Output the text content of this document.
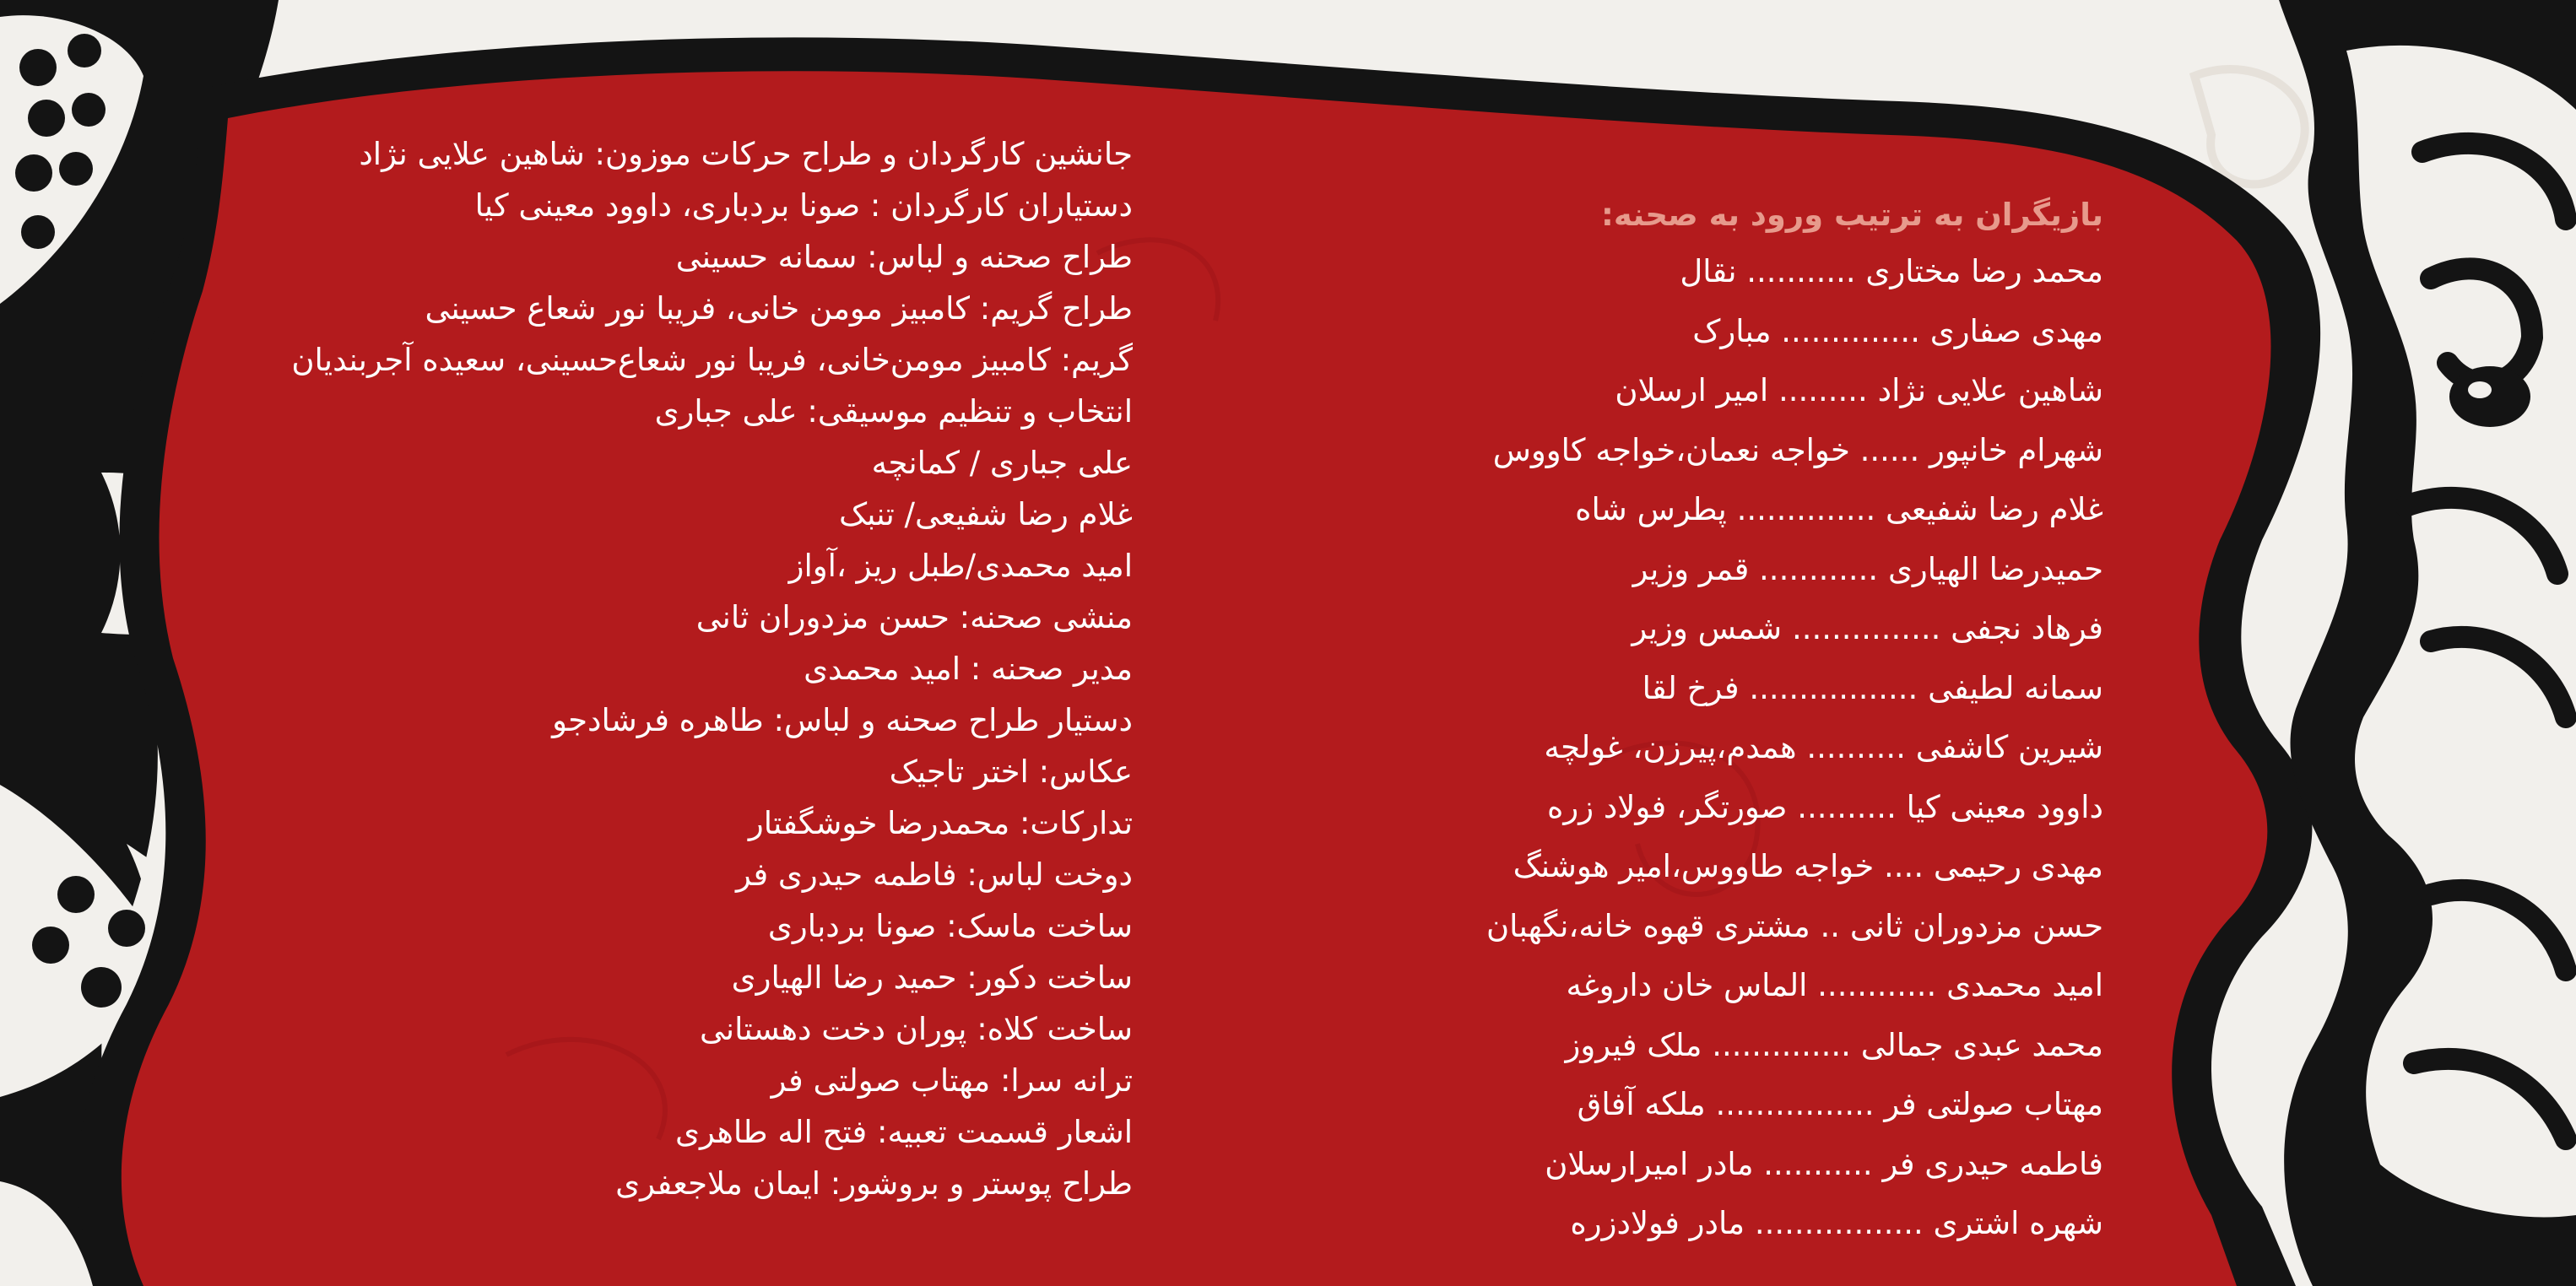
جانشین کارگردان و طراح حرکات موزون: شاهین علایی نژاد
دستیاران کارگردان : صونا بردباری، داوود معینی کیا
طراح صحنه و لباس: سمانه حسینی
طراح گریم: کامبیز مومن خانی، فریبا نور شعاع حسینی
گریم: کامبیز مومن‌خانی، فریبا نور شعاع‌حسینی، سعیده آجربندیان
انتخاب و تنظیم موسیقی: علی جباری
علی جباری / کمانچه
غلام رضا شفیعی/ تنبک
امید محمدی/طبل ریز ،آواز
منشی صحنه: حسن مزدوران ثانی
مدیر صحنه : امید محمدی
دستیار طراح صحنه و لباس: طاهره فرشادجو
عکاس: اختر تاجیک
تدارکات: محمدرضا خوشگفتار
دوخت لباس: فاطمه حیدری فر
ساخت ماسک: صونا بردباری
ساخت دکور: حمید رضا الهیاری
ساخت کلاه: پوران دخت دهستانی
ترانه سرا: مهتاب صولتی فر
اشعار قسمت تعبیه: فتح اله طاهری
طراح پوستر و بروشور: ایمان ملاجعفری
بازیگران به ترتیب ورود به صحنه:
محمد رضا مختاری ........... نقال
مهدی صفاری .............. مبارک
شاهین علایی نژاد ......... امیر ارسلان
شهرام خانپور ...... خواجه نعمان،خواجه کاووس
غلام رضا شفیعی .............. پطرس شاه
حمیدرضا الهیاری ............ قمر وزیر
فرهاد نجفی ............... شمس وزیر
سمانه لطیفی ................. فرخ لقا
شیرین کاشفی .......... همدم،پیرزن، غولچه
داوود معینی کیا .......... صورتگر، فولاد زره
مهدی رحیمی .... خواجه طاووس،امیر هوشنگ
حسن مزدوران ثانی .. مشتری قهوه خانه،نگهبان
امید محمدی ............ الماس خان داروغه
محمد عبدی جمالی .............. ملک فیروز
مهتاب صولتی فر ................ ملکه آفاق
فاطمه حیدری فر ........... مادر امیرارسلان
شهره اشتری ................. مادر فولادزره
